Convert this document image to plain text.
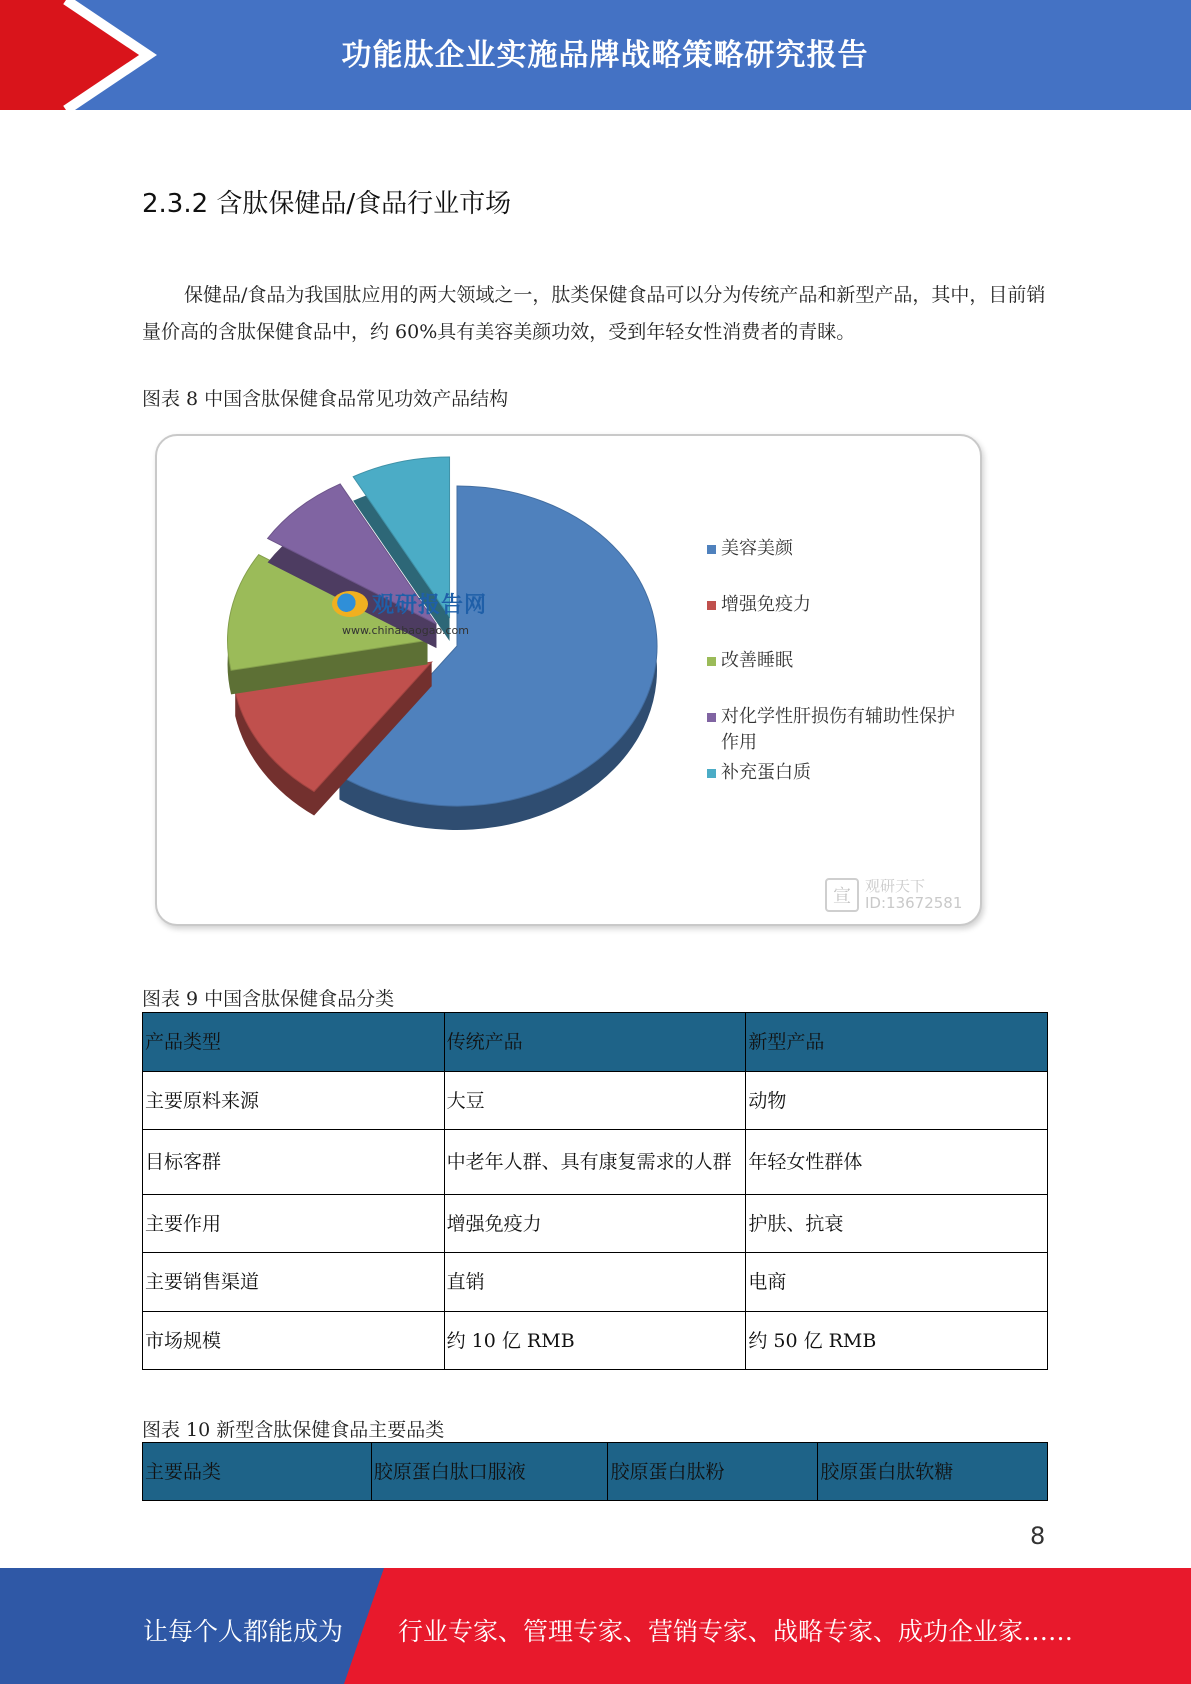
功能肽企业实施品牌战略策略研究报告
2.3.2 含肽保健品/食品行业市场
保健品/食品为我国肽应用的两大领域之一，肽类保健食品可以分为传统产品和新型产品，其中，目前销量价高的含肽保健食品中，约 60%具有美容美颜功效，受到年轻女性消费者的青睐。
图表 8 中国含肽保健食品常见功效产品结构
美容美颜
增强免疫力
改善睡眠
对化学性肝损伤有辅助性保护作用
补充蛋白质
观研报告网
www.chinabaogao.com
宣 观研天下
ID:13672581
图表 9 中国含肽保健食品分类
产品类型	传统产品	新型产品
主要原料来源	大豆	动物
目标客群	中老年人群、具有康复需求的人群	年轻女性群体
主要作用	增强免疫力	护肤、抗衰
主要销售渠道	直销	电商
市场规模	约 10 亿 RMB	约 50 亿 RMB
图表 10 新型含肽保健食品主要品类
主要品类	胶原蛋白肽口服液	胶原蛋白肽粉	胶原蛋白肽软糖
8
让每个人都能成为 行业专家、管理专家、营销专家、战略专家、成功企业家……
